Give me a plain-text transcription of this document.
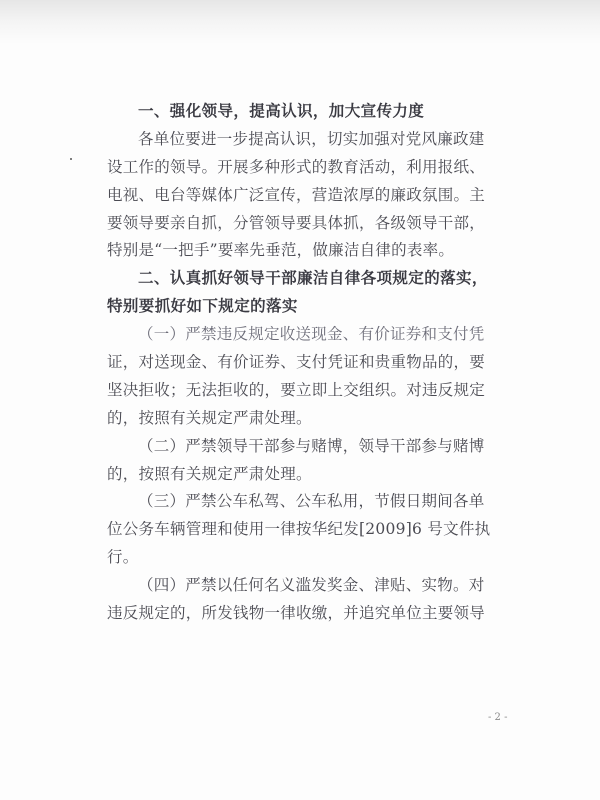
一、强化领导，提高认识，加大宣传力度
各单位要进一步提高认识，切实加强对党风廉政建
设工作的领导。开展多种形式的教育活动，利用报纸、
电视、电台等媒体广泛宣传，营造浓厚的廉政氛围。主
要领导要亲自抓，分管领导要具体抓，各级领导干部，
特别是“一把手”要率先垂范，做廉洁自律的表率。
二、认真抓好领导干部廉洁自律各项规定的落实，
特别要抓好如下规定的落实
（一）严禁违反规定收送现金、有价证券和支付凭
证，对送现金、有价证券、支付凭证和贵重物品的，要
坚决拒收；无法拒收的，要立即上交组织。对违反规定
的，按照有关规定严肃处理。
（二）严禁领导干部参与赌博，领导干部参与赌博
的，按照有关规定严肃处理。
（三）严禁公车私驾、公车私用，节假日期间各单
位公务车辆管理和使用一律按华纪发[2009]6 号文件执
行。
（四）严禁以任何名义滥发奖金、津贴、实物。对
违反规定的，所发钱物一律收缴，并追究单位主要领导
- 2 -
